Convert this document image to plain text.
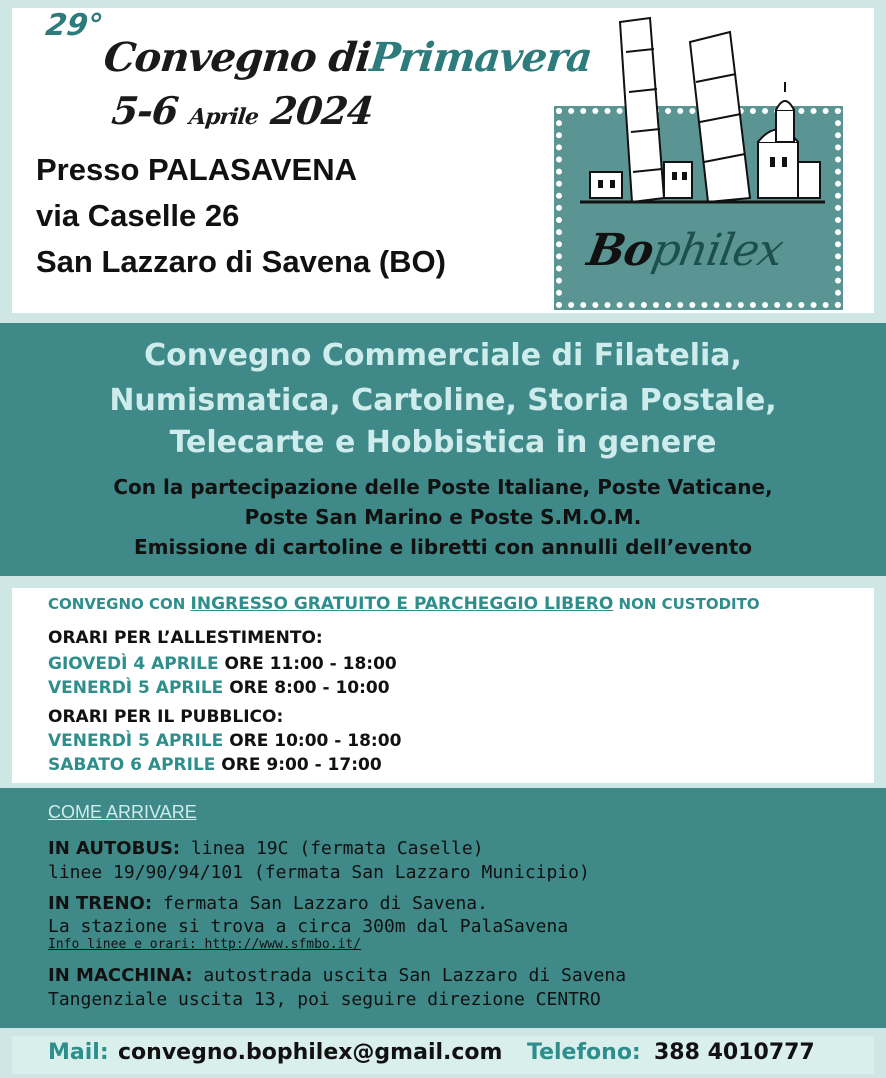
29°
Convegno diPrimavera
5-6 Aprile 2024
Presso PALASAVENA
via Caselle 26
San Lazzaro di Savena (BO)	Bophilex
Convegno Commerciale di Filatelia,
Numismatica, Cartoline, Storia Postale,
Telecarte e Hobbistica in genere
Con la partecipazione delle Poste Italiane, Poste Vaticane,
Poste San Marino e Poste S.M.O.M.
Emissione di cartoline e libretti con annulli dell’evento
CONVEGNO CON INGRESSO GRATUITO E PARCHEGGIO LIBERO NON CUSTODITO
ORARI PER L’ALLESTIMENTO:
GIOVEDÌ 4 APRILE ORE 11:00 - 18:00
VENERDÌ 5 APRILE ORE 8:00 - 10:00
ORARI PER IL PUBBLICO:
VENERDÌ 5 APRILE ORE 10:00 - 18:00
SABATO 6 APRILE ORE 9:00 - 17:00
COME ARRIVARE
IN AUTOBUS: linea 19C (fermata Caselle)
linee 19/90/94/101 (fermata San Lazzaro Municipio)
IN TRENO: fermata San Lazzaro di Savena.
La stazione si trova a circa 300m dal PalaSavena
Info linee e orari: http://www.sfmbo.it/
IN MACCHINA: autostrada uscita San Lazzaro di Savena
Tangenziale uscita 13, poi seguire direzione CENTRO
Mail: convegno.bophilex@gmail.com Telefono: 388 4010777
